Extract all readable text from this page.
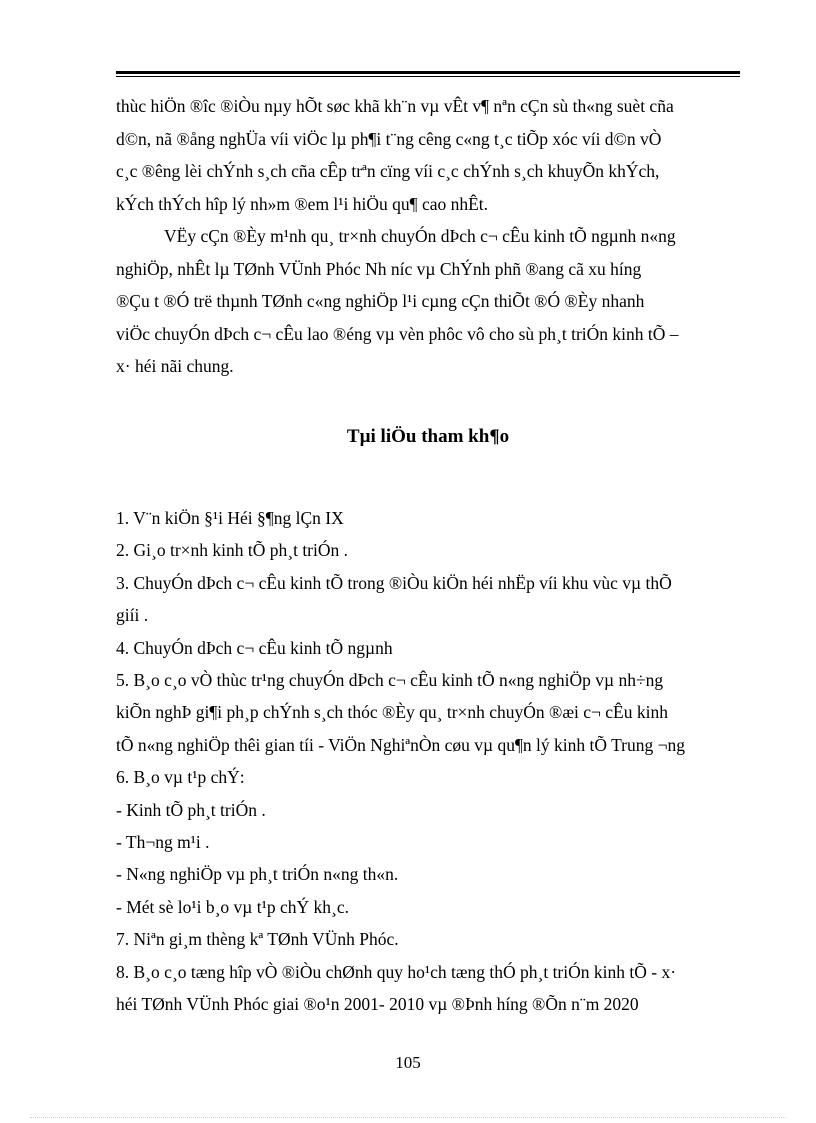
thùc hiÖn ®îc ®iÒu nµy hÕt søc khã kh¨n vµ vÊt v¶ nªn cÇn sù th«ng suèt cña
d©n, nã ®ång nghÜa víi viÖc lµ ph¶i t¨ng cêng c«ng t¸c tiÕp xóc víi d©n vÒ
c¸c ®êng lèi chÝnh s¸ch cña cÊp trªn cïng víi c¸c chÝnh s¸ch khuyÕn khÝch,
kÝch thÝch hîp lý nh»m ®em l¹i hiÖu qu¶ cao nhÊt.

VËy cÇn ®Èy m¹nh qu¸ tr×nh chuyÓn dÞch c¬ cÊu kinh tÕ ngµnh n«ng
nghiÖp, nhÊt lµ TØnh VÜnh Phóc Nh níc vµ ChÝnh phñ ®ang cã xu híng
®Çu t ®Ó trë thµnh TØnh c«ng nghiÖp l¹i cµng cÇn thiÕt ®Ó ®Èy nhanh
viÖc chuyÓn dÞch c¬ cÊu lao ®éng vµ vèn phôc vô cho sù ph¸t triÓn kinh tÕ –
x· héi nãi chung.

Tµi liÖu tham kh¶o
1. V¨n kiÖn §¹i Héi §¶ng lÇn IX
2. Gi¸o tr×nh kinh tÕ ph¸t triÓn .
3. ChuyÓn dÞch c¬ cÊu kinh tÕ trong ®iÒu kiÖn héi nhËp víi khu vùc vµ thÕ
giíi .
4. ChuyÓn dÞch c¬ cÊu kinh tÕ ngµnh
5. B¸o c¸o vÒ thùc tr¹ng chuyÓn dÞch c¬ cÊu kinh tÕ n«ng nghiÖp vµ nh÷ng
kiÕn nghÞ gi¶i ph¸p chÝnh s¸ch thóc ®Èy qu¸ tr×nh chuyÓn ®æi c¬ cÊu kinh
tÕ n«ng nghiÖp thêi gian tíi - ViÖn NghiªnÒn cøu vµ qu¶n lý kinh tÕ Trung ¬ng
6. B¸o vµ t¹p chÝ:
- Kinh tÕ ph¸t triÓn .
- Th¬ng m¹i .
- N«ng nghiÖp vµ ph¸t triÓn n«ng th«n.
- Mét sè lo¹i b¸o vµ t¹p chÝ kh¸c.
7. Niªn gi¸m thèng kª TØnh VÜnh Phóc.
8. B¸o c¸o tæng hîp vÒ ®iÒu chØnh quy ho¹ch tæng thÓ ph¸t triÓn kinh tÕ - x·
héi TØnh VÜnh Phóc giai ®o¹n 2001- 2010 vµ ®Þnh híng ®Õn n¨m 2020
105
